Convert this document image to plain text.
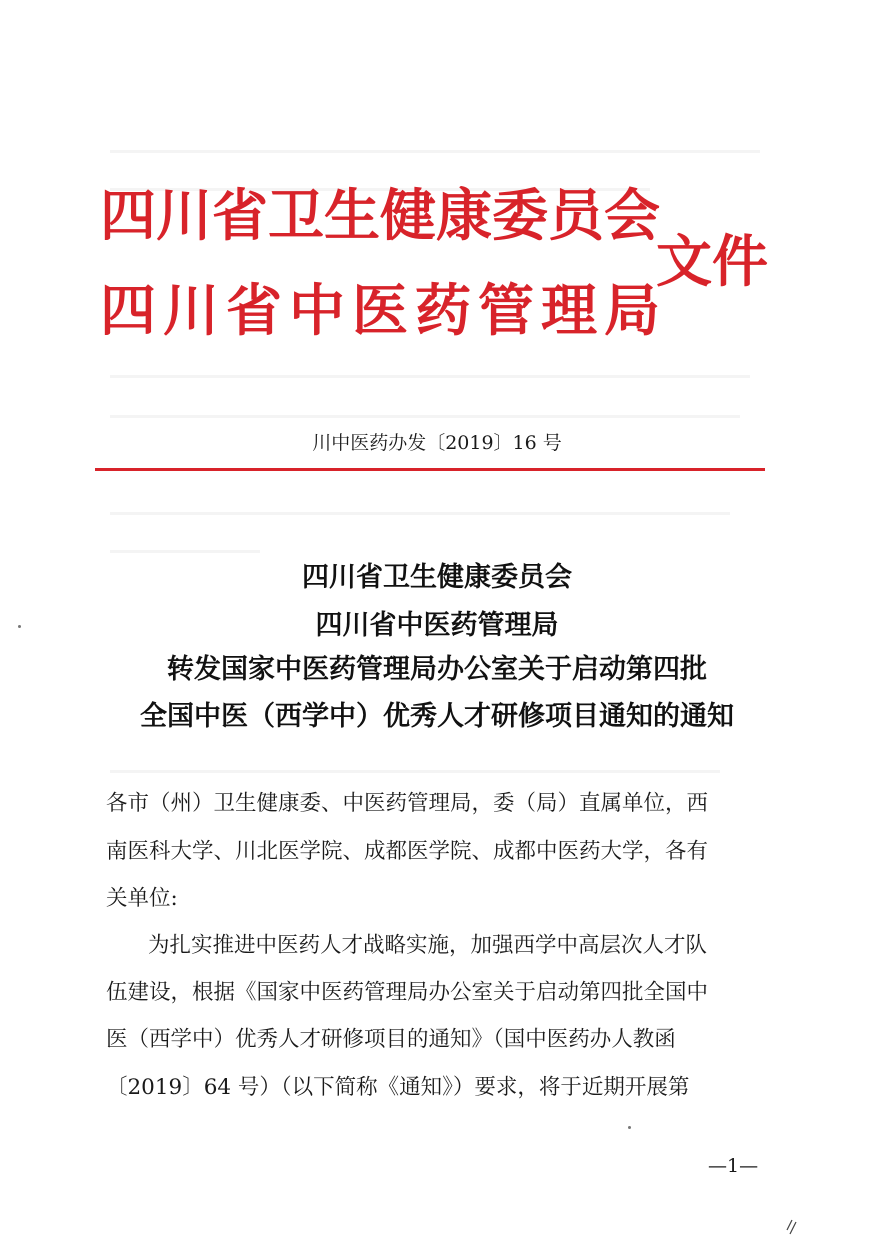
四川省卫生健康委员会
四川省中医药管理局
文件
川中医药办发〔2019〕16 号
四川省卫生健康委员会
四川省中医药管理局
转发国家中医药管理局办公室关于启动第四批
全国中医（西学中）优秀人才研修项目通知的通知
各市（州）卫生健康委、中医药管理局，委（局）直属单位，西
南医科大学、川北医学院、成都医学院、成都中医药大学，各有
关单位:
为扎实推进中医药人才战略实施，加强西学中高层次人才队
伍建设，根据《国家中医药管理局办公室关于启动第四批全国中
医（西学中）优秀人才研修项目的通知》（国中医药办人教函
〔2019〕64 号）（以下简称《通知》）要求，将于近期开展第
—1—
